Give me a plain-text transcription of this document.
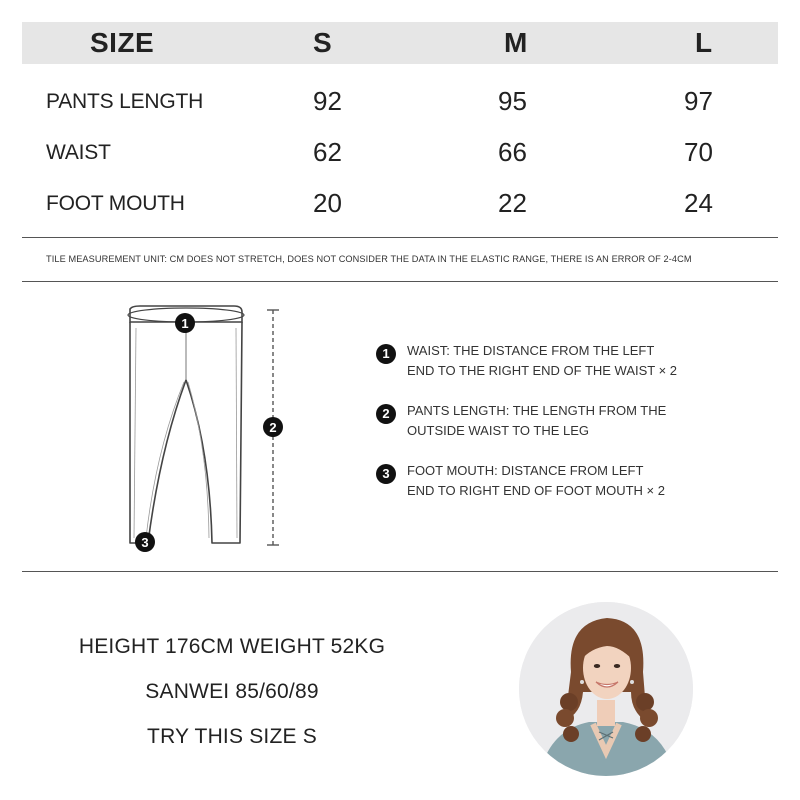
SIZE	S	M	L
PANTS LENGTH	92	95	97
WAIST	62	66	70
FOOT MOUTH	20	22	24
TILE MEASUREMENT UNIT: CM DOES NOT STRETCH, DOES NOT CONSIDER THE DATA IN THE ELASTIC RANGE, THERE IS AN ERROR OF 2-4CM
1
2
3
1	WAIST: THE DISTANCE FROM THE LEFT
END TO THE RIGHT END OF THE WAIST × 2
2	PANTS LENGTH: THE LENGTH FROM THE
OUTSIDE WAIST TO THE LEG
3	FOOT MOUTH: DISTANCE FROM LEFT
END TO RIGHT END OF FOOT MOUTH × 2
HEIGHT 176CM WEIGHT 52KG
SANWEI 85/60/89
TRY THIS SIZE S
